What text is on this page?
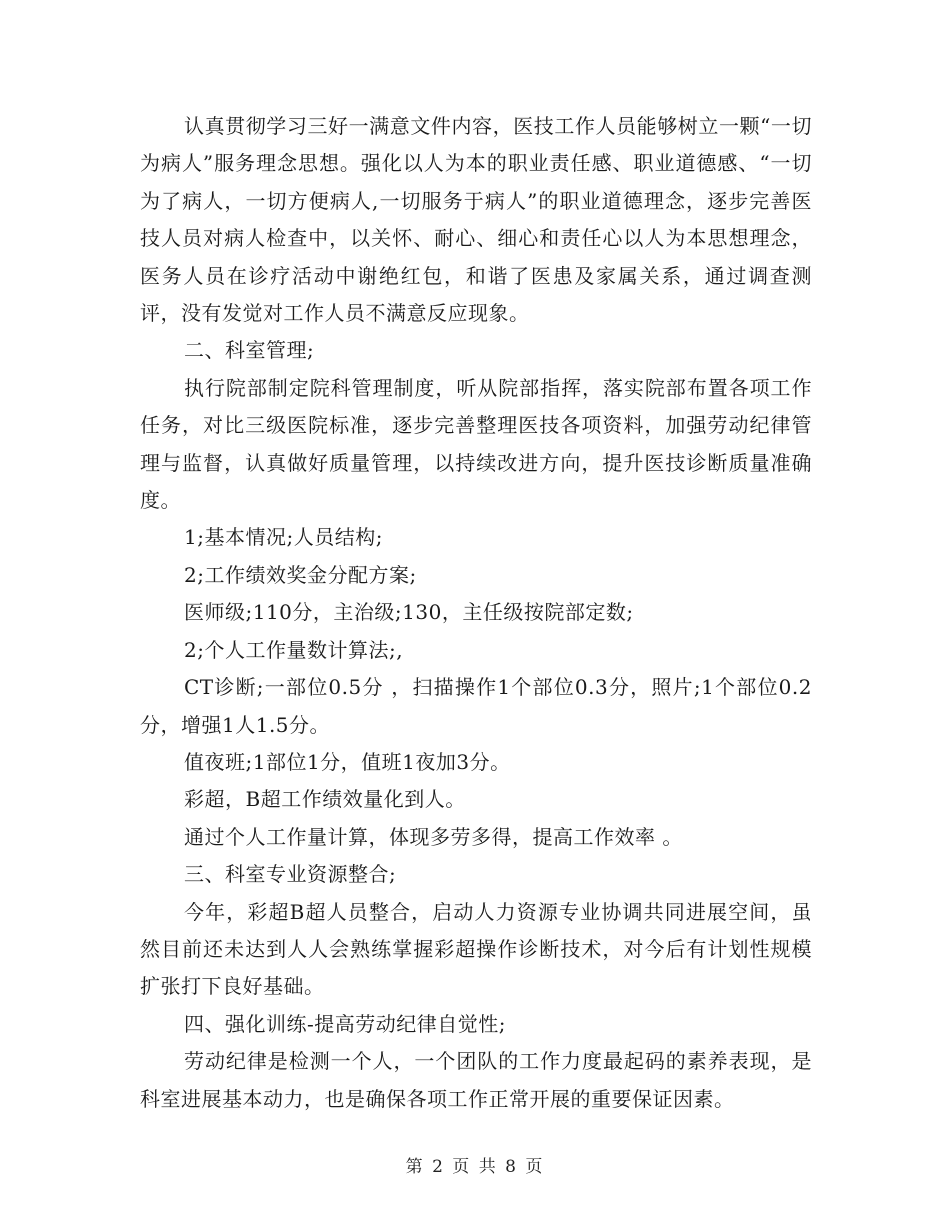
认真贯彻学习三好一满意文件内容，医技工作人员能够树立一颗“一切为病人”服务理念思想。强化以人为本的职业责任感、职业道德感、“一切为了病人，一切方便病人,一切服务于病人”的职业道德理念，逐步完善医技人员对病人检查中，以关怀、耐心、细心和责任心以人为本思想理念，医务人员在诊疗活动中谢绝红包，和谐了医患及家属关系，通过调查测评，没有发觉对工作人员不满意反应现象。

二、科室管理;

执行院部制定院科管理制度，听从院部指挥，落实院部布置各项工作任务，对比三级医院标准，逐步完善整理医技各项资料，加强劳动纪律管理与监督，认真做好质量管理，以持续改进方向，提升医技诊断质量准确度。

1;基本情况;人员结构;

2;工作绩效奖金分配方案;

医师级;110分，主治级;130，主任级按院部定数;

2;个人工作量数计算法;,

CT诊断;一部位0.5分 ，扫描操作1个部位0.3分，照片;1个部位0.2分，增强1人1.5分。

值夜班;1部位1分，值班1夜加3分。

彩超，B超工作绩效量化到人。

通过个人工作量计算，体现多劳多得，提高工作效率 。

三、科室专业资源整合;

今年，彩超B超人员整合，启动人力资源专业协调共同进展空间，虽然目前还未达到人人会熟练掌握彩超操作诊断技术，对今后有计划性规模扩张打下良好基础。

四、强化训练-提高劳动纪律自觉性;

劳动纪律是检测一个人，一个团队的工作力度最起码的素养表现，是科室进展基本动力，也是确保各项工作正常开展的重要保证因素。

第 2 页 共 8 页
